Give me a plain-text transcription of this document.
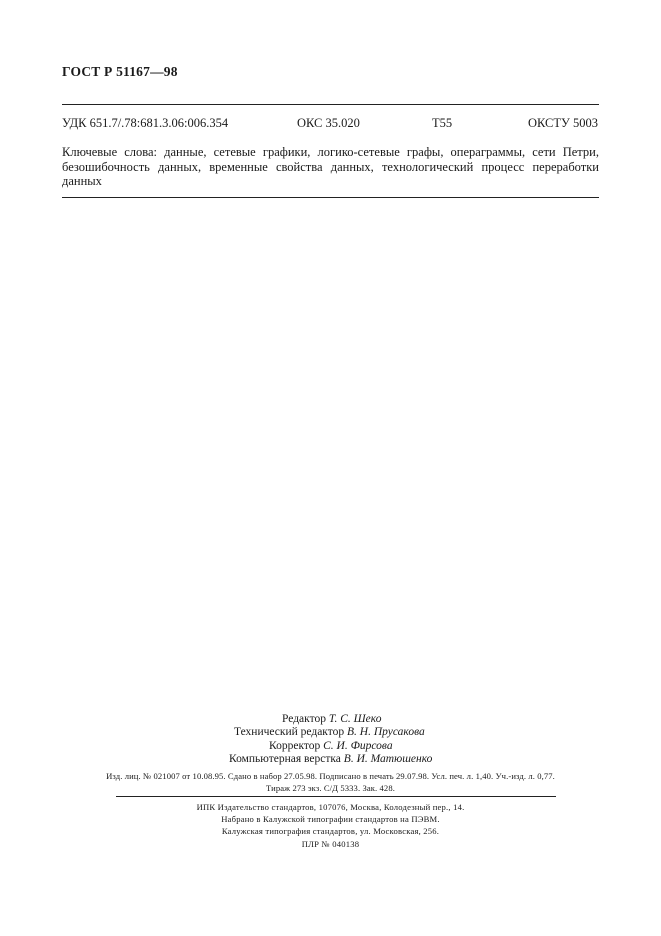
ГОСТ Р 51167—98
УДК 651.7/.78:681.3.06:006.354	ОКС 35.020	Т55	ОКСТУ 5003
Ключевые слова: данные, сетевые графики, логико-сетевые графы, операграммы, сети Петри, безошибочность данных, временные свойства данных, технологический процесс переработки данных
Редактор Т. С. Шеко
Технический редактор В. Н. Прусакова
Корректор С. И. Фирсова
Компьютерная верстка В. И. Матюшенко
Изд. лиц. № 021007 от 10.08.95. Сдано в набор 27.05.98. Подписано в печать 29.07.98. Усл. печ. л. 1,40. Уч.-изд. л. 0,77.
Тираж 273 экз. С/Д 5333. Зак. 428.
ИПК Издательство стандартов, 107076, Москва, Колодезный пер., 14.
Набрано в Калужской типографии стандартов на ПЭВМ.
Калужская типография стандартов, ул. Московская, 256.
ПЛР № 040138
